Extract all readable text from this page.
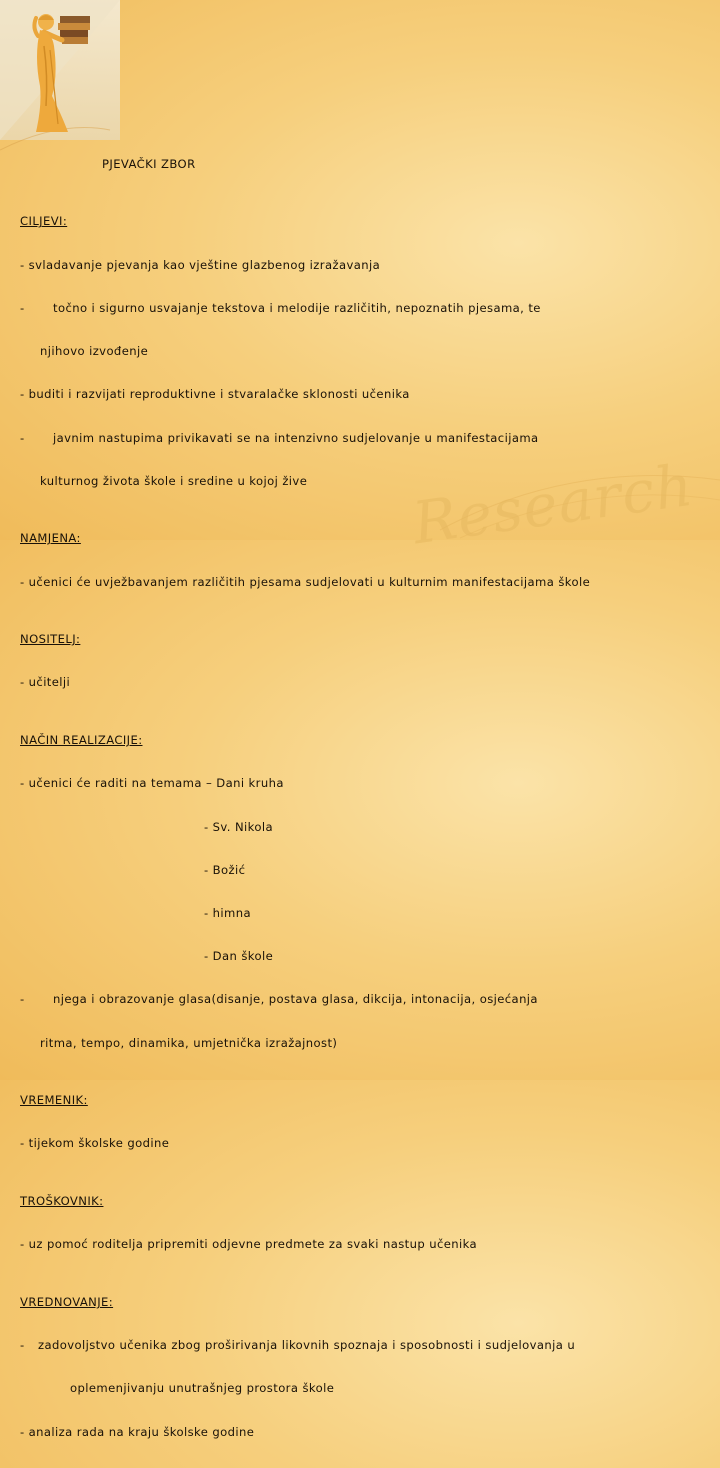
Research

PJEVAČKI ZBOR

CILJEVI:

- svladavanje pjevanja kao vještine glazbenog izražavanja

- točno i sigurno usvajanje tekstova i melodije različitih, nepoznatih pjesama, te

njihovo izvođenje

- buditi i razvijati reproduktivne i stvaralačke sklonosti učenika

- javnim nastupima privikavati se na intenzivno sudjelovanje u manifestacijama

kulturnog života škole i sredine u kojoj žive

NAMJENA:

- učenici će uvježbavanjem različitih pjesama sudjelovati u kulturnim manifestacijama škole

NOSITELJ:

- učitelji

NAČIN REALIZACIJE:

- učenici će raditi na temama – Dani kruha

- Sv. Nikola

- Božić

- himna

- Dan škole

- njega i obrazovanje glasa(disanje, postava glasa, dikcija, intonacija, osjećanja

ritma, tempo, dinamika, umjetnička izražajnost)

VREMENIK:

- tijekom školske godine

TROŠKOVNIK:

- uz pomoć roditelja pripremiti odjevne predmete za svaki nastup učenika

VREDNOVANJE:

- zadovoljstvo učenika zbog proširivanja likovnih spoznaja i sposobnosti i sudjelovanja u

oplemenjivanju unutrašnjeg prostora škole

- analiza rada na kraju školske godine
